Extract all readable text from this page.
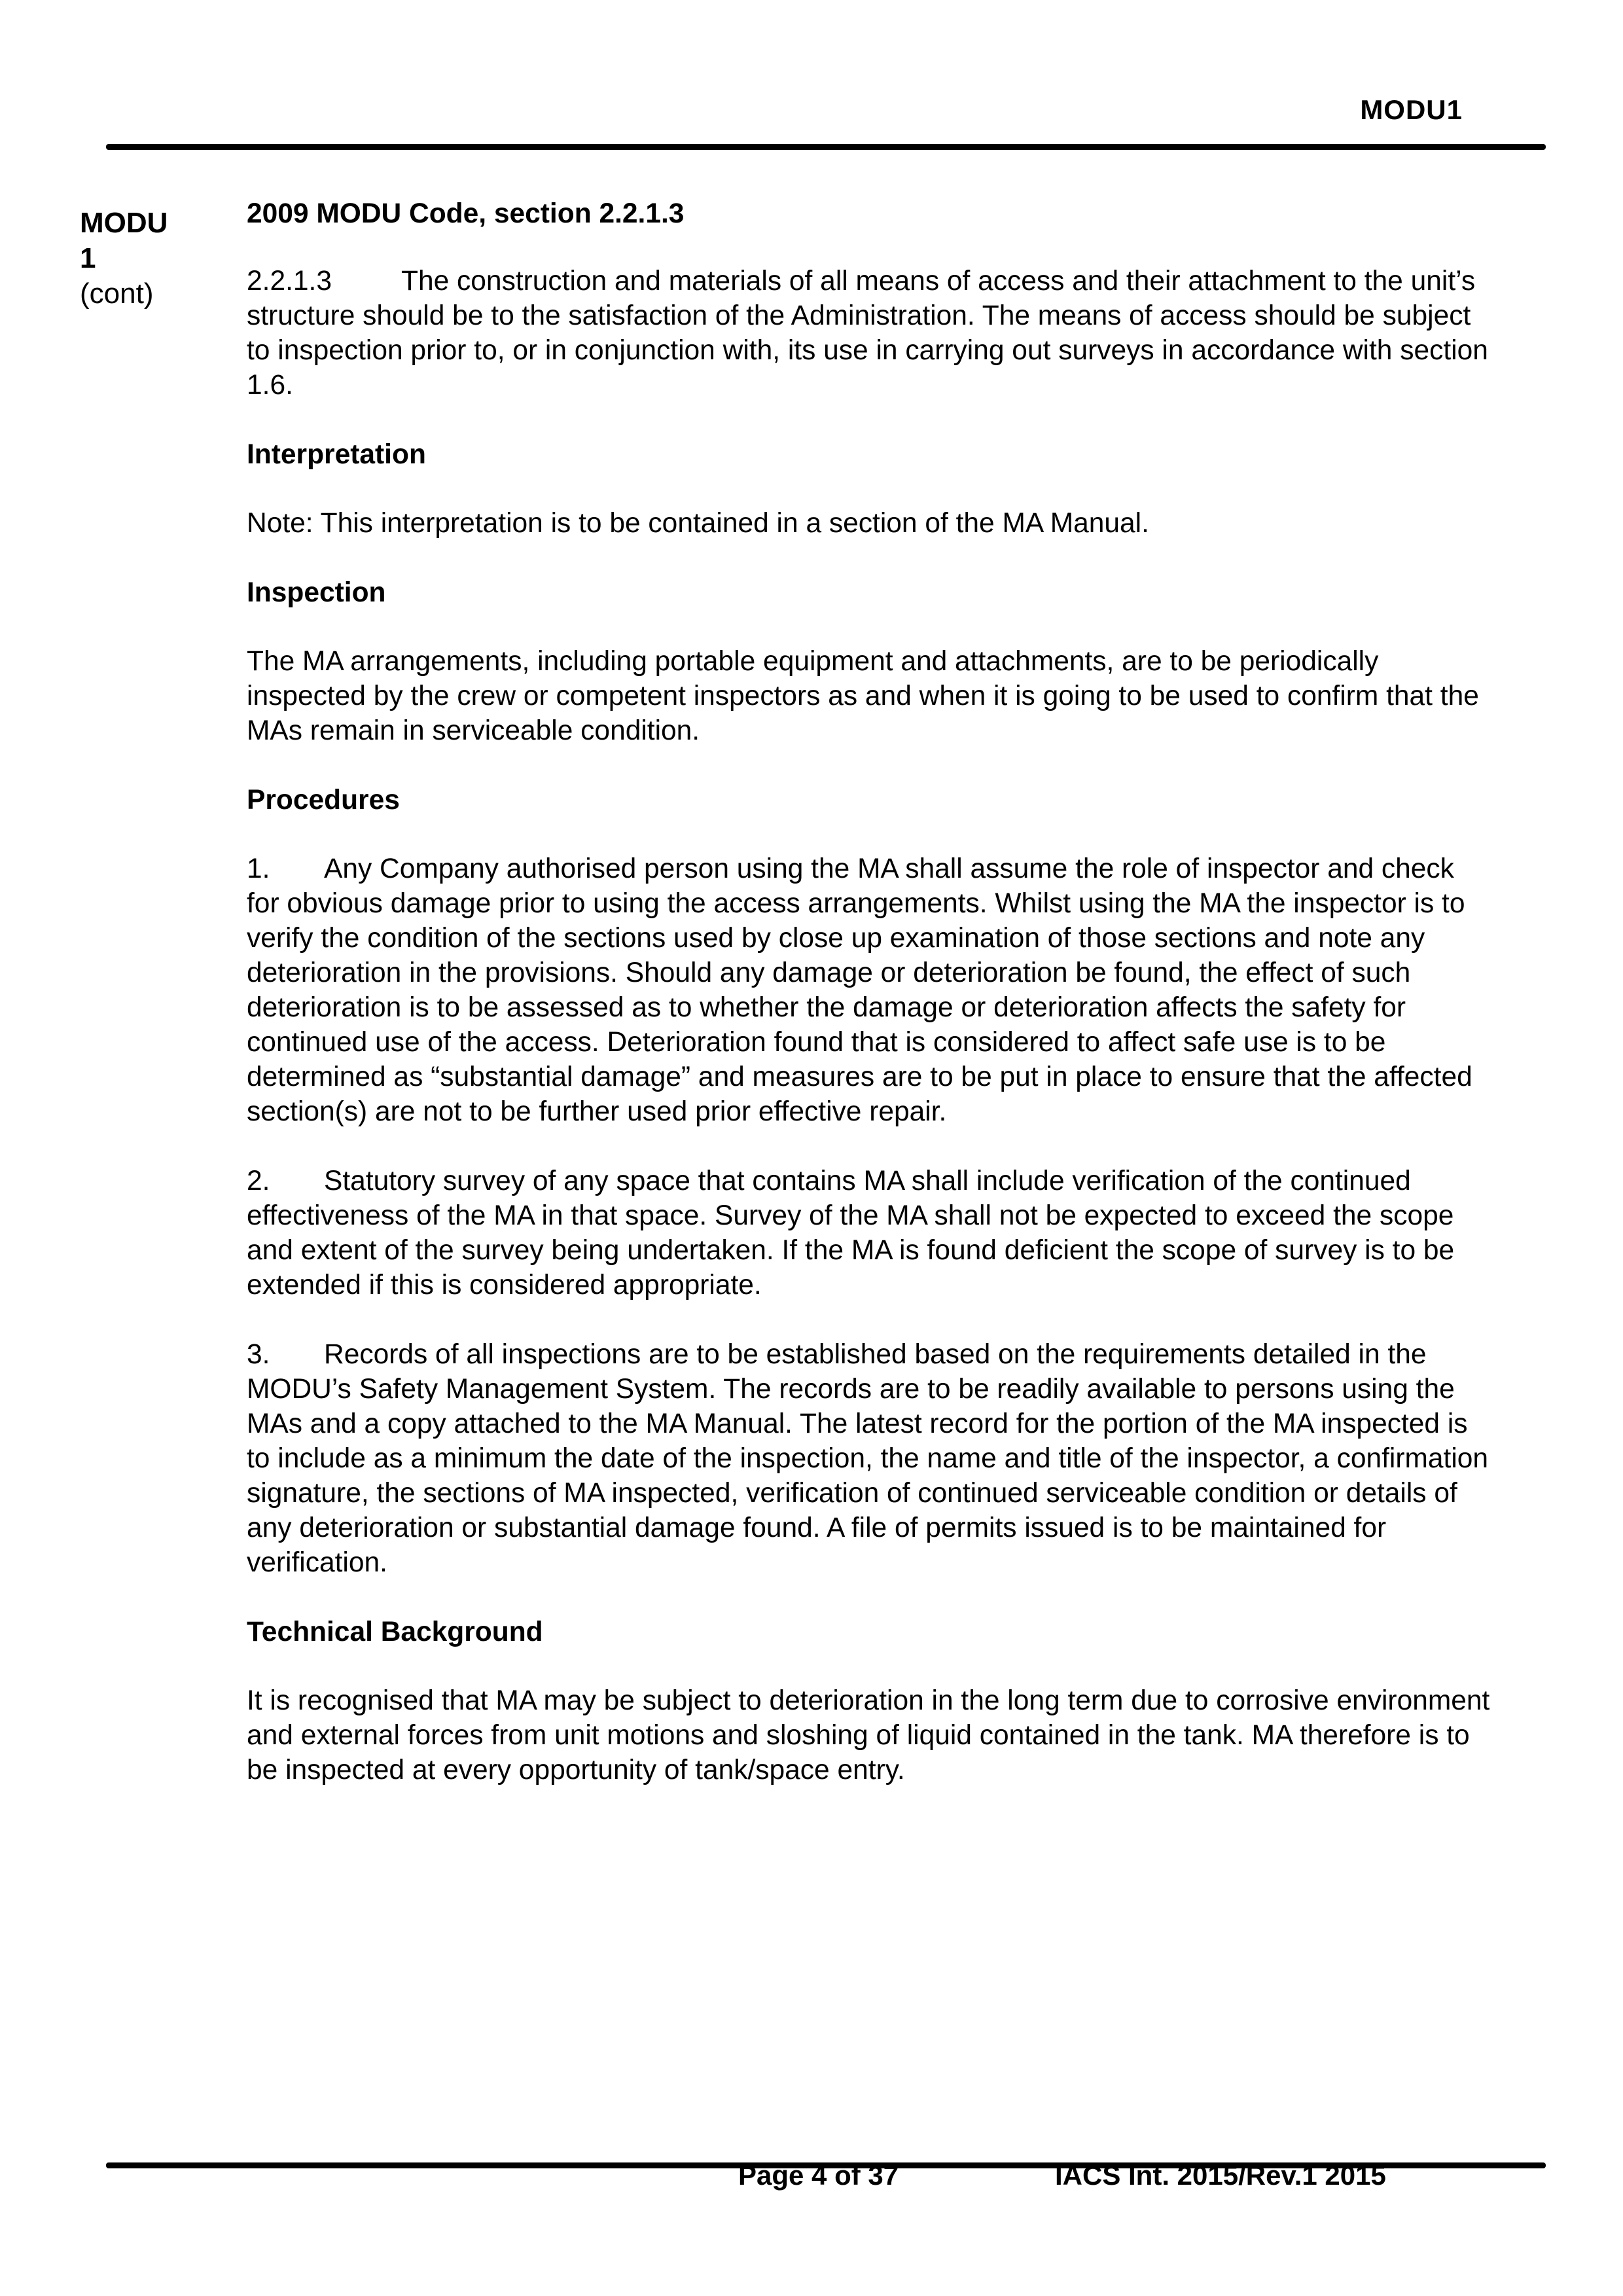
MODU1
MODU
1
(cont)

2009 MODU Code, section 2.2.1.3

2.2.1.3 The construction and materials of all means of access and their attachment to the unit’s structure should be to the satisfaction of the Administration. The means of access should be subject to inspection prior to, or in conjunction with, its use in carrying out surveys in accordance with section 1.6.

Interpretation

Note: This interpretation is to be contained in a section of the MA Manual.

Inspection

The MA arrangements, including portable equipment and attachments, are to be periodically inspected by the crew or competent inspectors as and when it is going to be used to confirm that the MAs remain in serviceable condition.

Procedures

1. Any Company authorised person using the MA shall assume the role of inspector and check for obvious damage prior to using the access arrangements. Whilst using the MA the inspector is to verify the condition of the sections used by close up examination of those sections and note any deterioration in the provisions. Should any damage or deterioration be found, the effect of such deterioration is to be assessed as to whether the damage or deterioration affects the safety for continued use of the access. Deterioration found that is considered to affect safe use is to be determined as “substantial damage” and measures are to be put in place to ensure that the affected section(s) are not to be further used prior effective repair.

2. Statutory survey of any space that contains MA shall include verification of the continued effectiveness of the MA in that space. Survey of the MA shall not be expected to exceed the scope and extent of the survey being undertaken. If the MA is found deficient the scope of survey is to be extended if this is considered appropriate.

3. Records of all inspections are to be established based on the requirements detailed in the MODU’s Safety Management System. The records are to be readily available to persons using the MAs and a copy attached to the MA Manual. The latest record for the portion of the MA inspected is to include as a minimum the date of the inspection, the name and title of the inspector, a confirmation signature, the sections of MA inspected, verification of continued serviceable condition or details of any deterioration or substantial damage found. A file of permits issued is to be maintained for verification.

Technical Background

It is recognised that MA may be subject to deterioration in the long term due to corrosive environment and external forces from unit motions and sloshing of liquid contained in the tank. MA therefore is to be inspected at every opportunity of tank/space entry.

Page 4 of 37	IACS Int. 2015/Rev.1 2015
